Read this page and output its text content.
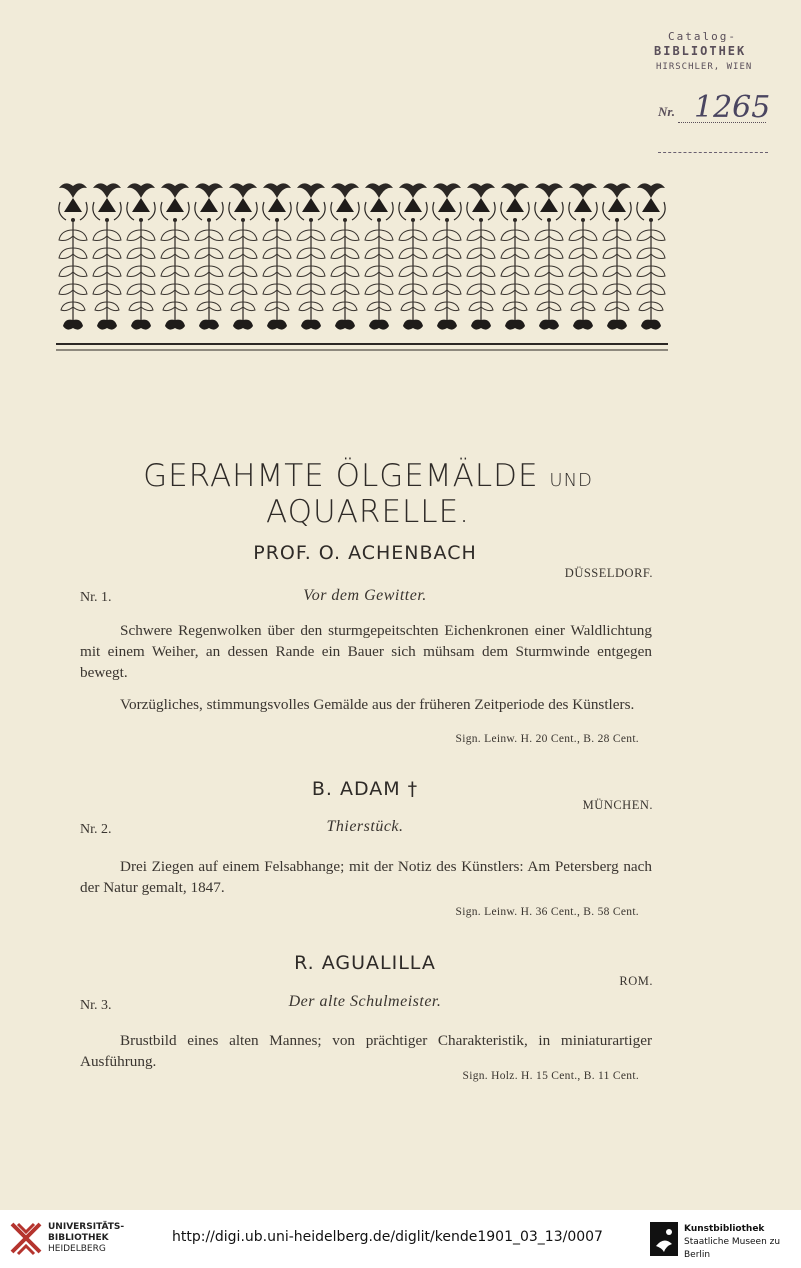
Catalog-
BIBLIOTHEK
HIRSCHLER, WIEN
Nr. 1265
GERAHMTE ÖLGEMÄLDE UND AQUARELLE.
PROF. O. ACHENBACH
DÜSSELDORF.
Nr. 1.	Vor dem Gewitter.
Schwere Regenwolken über den sturmgepeitschten Eichenkronen einer Waldlichtung mit einem Weiher, an dessen Rande ein Bauer sich mühsam dem Sturmwinde entgegen bewegt.
Vorzügliches, stimmungsvolles Gemälde aus der früheren Zeitperiode des Künstlers.
Sign. Leinw. H. 20 Cent., B. 28 Cent.
B. ADAM †
MÜNCHEN.
Nr. 2.	Thierstück.
Drei Ziegen auf einem Felsabhange; mit der Notiz des Künstlers: Am Petersberg nach der Natur gemalt, 1847.
Sign. Leinw. H. 36 Cent., B. 58 Cent.
R. AGUALILLA
ROM.
Nr. 3.	Der alte Schulmeister.
Brustbild eines alten Mannes; von prächtiger Charakteristik, in miniaturartiger Ausführung.
Sign. Holz. H. 15 Cent., B. 11 Cent.
UNIVERSITÄTS-
BIBLIOTHEK
HEIDELBERG
http://digi.ub.uni-heidelberg.de/diglit/kende1901_03_13/0007	Kunstbibliothek
Staatliche Museen zu Berlin
